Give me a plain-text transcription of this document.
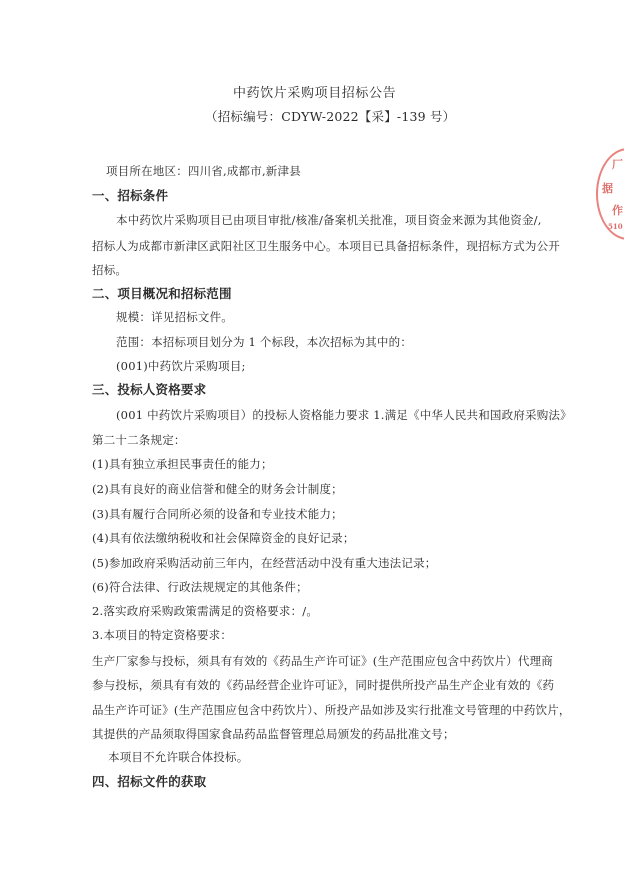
中药饮片采购项目招标公告
（招标编号：CDYW-2022【采】-139 号）
项目所在地区：四川省,成都市,新津县
一、招标条件
本中药饮片采购项目已由项目审批/核准/备案机关批准，项目资金来源为其他资金/,
招标人为成都市新津区武阳社区卫生服务中心。本项目已具备招标条件，现招标方式为公开
招标。
二、项目概况和招标范围
规模：详见招标文件。
范围：本招标项目划分为 1 个标段，本次招标为其中的：
(001)中药饮片采购项目;
三、投标人资格要求
(001 中药饮片采购项目）的投标人资格能力要求 1.满足《中华人民共和国政府采购法》
第二十二条规定：
(1)具有独立承担民事责任的能力；
(2)具有良好的商业信誉和健全的财务会计制度；
(3)具有履行合同所必须的设备和专业技术能力；
(4)具有依法缴纳税收和社会保障资金的良好记录；
(5)参加政府采购活动前三年内，在经营活动中没有重大违法记录；
(6)符合法律、行政法规规定的其他条件；
2.落实政府采购政策需满足的资格要求：/。
3.本项目的特定资格要求：
生产厂家参与投标，须具有有效的《药品生产许可证》(生产范围应包含中药饮片）代理商
参与投标，须具有有效的《药品经营企业许可证》，同时提供所投产品生产企业有效的《药
品生产许可证》(生产范围应包含中药饮片）、所投产品如涉及实行批准文号管理的中药饮片，
其提供的产品须取得国家食品药品监督管理总局颁发的药品批准文号；
本项目不允许联合体投标。
四、招标文件的获取
厂
据
作
510
